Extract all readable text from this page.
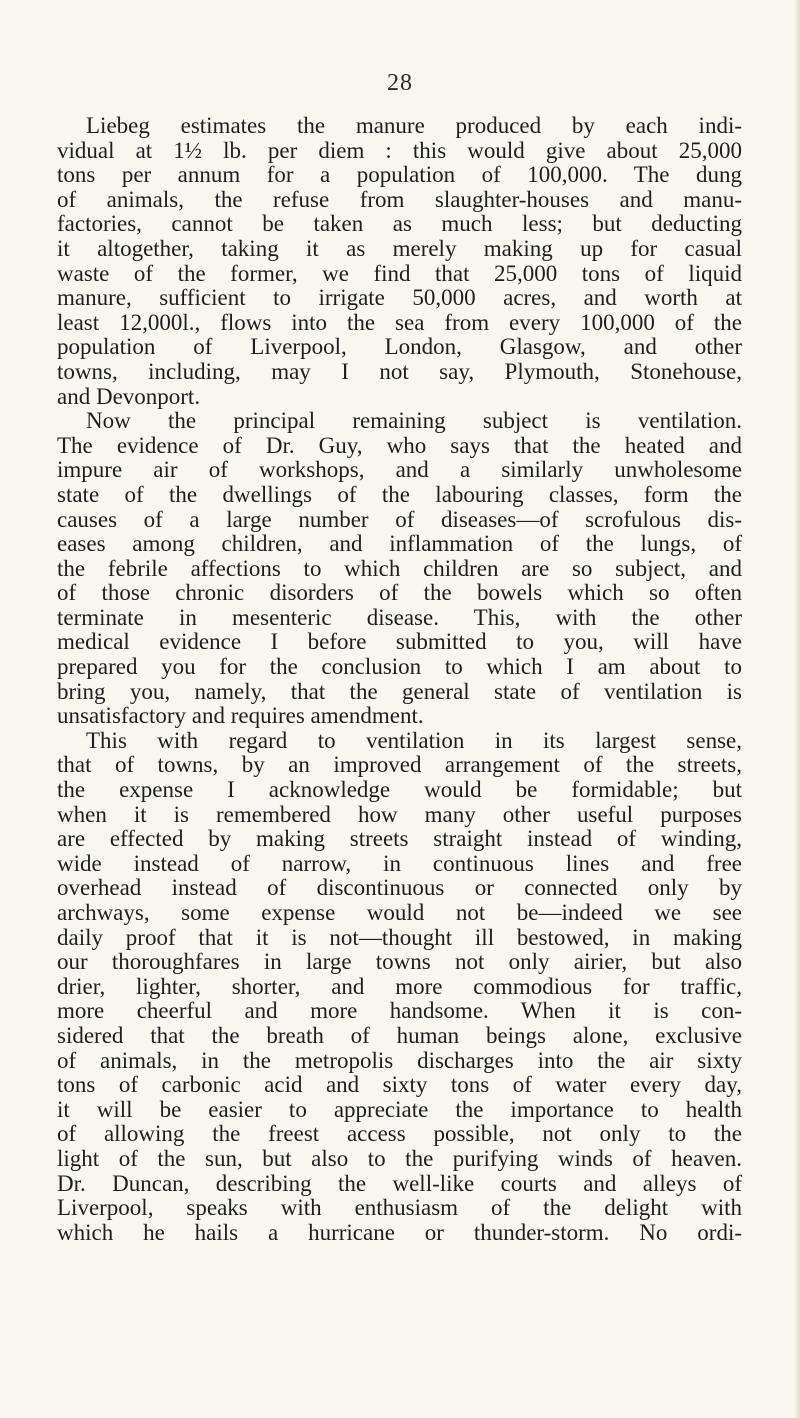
28
Liebeg estimates the manure produced by each indi-
vidual at 1½ lb. per diem : this would give about 25,000
tons per annum for a population of 100,000. The dung
of animals, the refuse from slaughter-houses and manu-
factories, cannot be taken as much less; but deducting
it altogether, taking it as merely making up for casual
waste of the former, we find that 25,000 tons of liquid
manure, sufficient to irrigate 50,000 acres, and worth at
least 12,000l., flows into the sea from every 100,000 of the
population of Liverpool, London, Glasgow, and other
towns, including, may I not say, Plymouth, Stonehouse,
and Devonport.
Now the principal remaining subject is ventilation.
The evidence of Dr. Guy, who says that the heated and
impure air of workshops, and a similarly unwholesome
state of the dwellings of the labouring classes, form the
causes of a large number of diseases—of scrofulous dis-
eases among children, and inflammation of the lungs, of
the febrile affections to which children are so subject, and
of those chronic disorders of the bowels which so often
terminate in mesenteric disease. This, with the other
medical evidence I before submitted to you, will have
prepared you for the conclusion to which I am about to
bring you, namely, that the general state of ventilation is
unsatisfactory and requires amendment.
This with regard to ventilation in its largest sense,
that of towns, by an improved arrangement of the streets,
the expense I acknowledge would be formidable; but
when it is remembered how many other useful purposes
are effected by making streets straight instead of winding,
wide instead of narrow, in continuous lines and free
overhead instead of discontinuous or connected only by
archways, some expense would not be—indeed we see
daily proof that it is not—thought ill bestowed, in making
our thoroughfares in large towns not only airier, but also
drier, lighter, shorter, and more commodious for traffic,
more cheerful and more handsome. When it is con-
sidered that the breath of human beings alone, exclusive
of animals, in the metropolis discharges into the air sixty
tons of carbonic acid and sixty tons of water every day,
it will be easier to appreciate the importance to health
of allowing the freest access possible, not only to the
light of the sun, but also to the purifying winds of heaven.
Dr. Duncan, describing the well-like courts and alleys of
Liverpool, speaks with enthusiasm of the delight with
which he hails a hurricane or thunder-storm. No ordi-
